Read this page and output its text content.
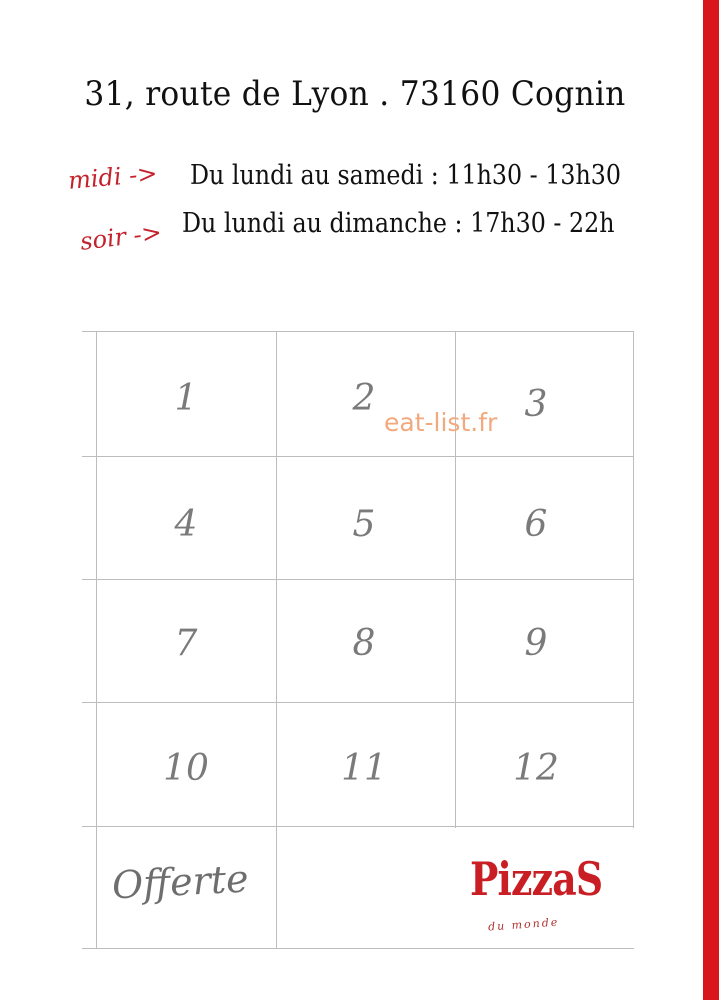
31, route de Lyon . 73160 Cognin
midi -> Du lundi au samedi : 11h30 - 13h30
soir -> Du lundi au dimanche : 17h30 - 22h
1	2	3
4	5	6
7	8	9
10	11	12
Offerte
eat-list.fr
PizzaS
du monde
